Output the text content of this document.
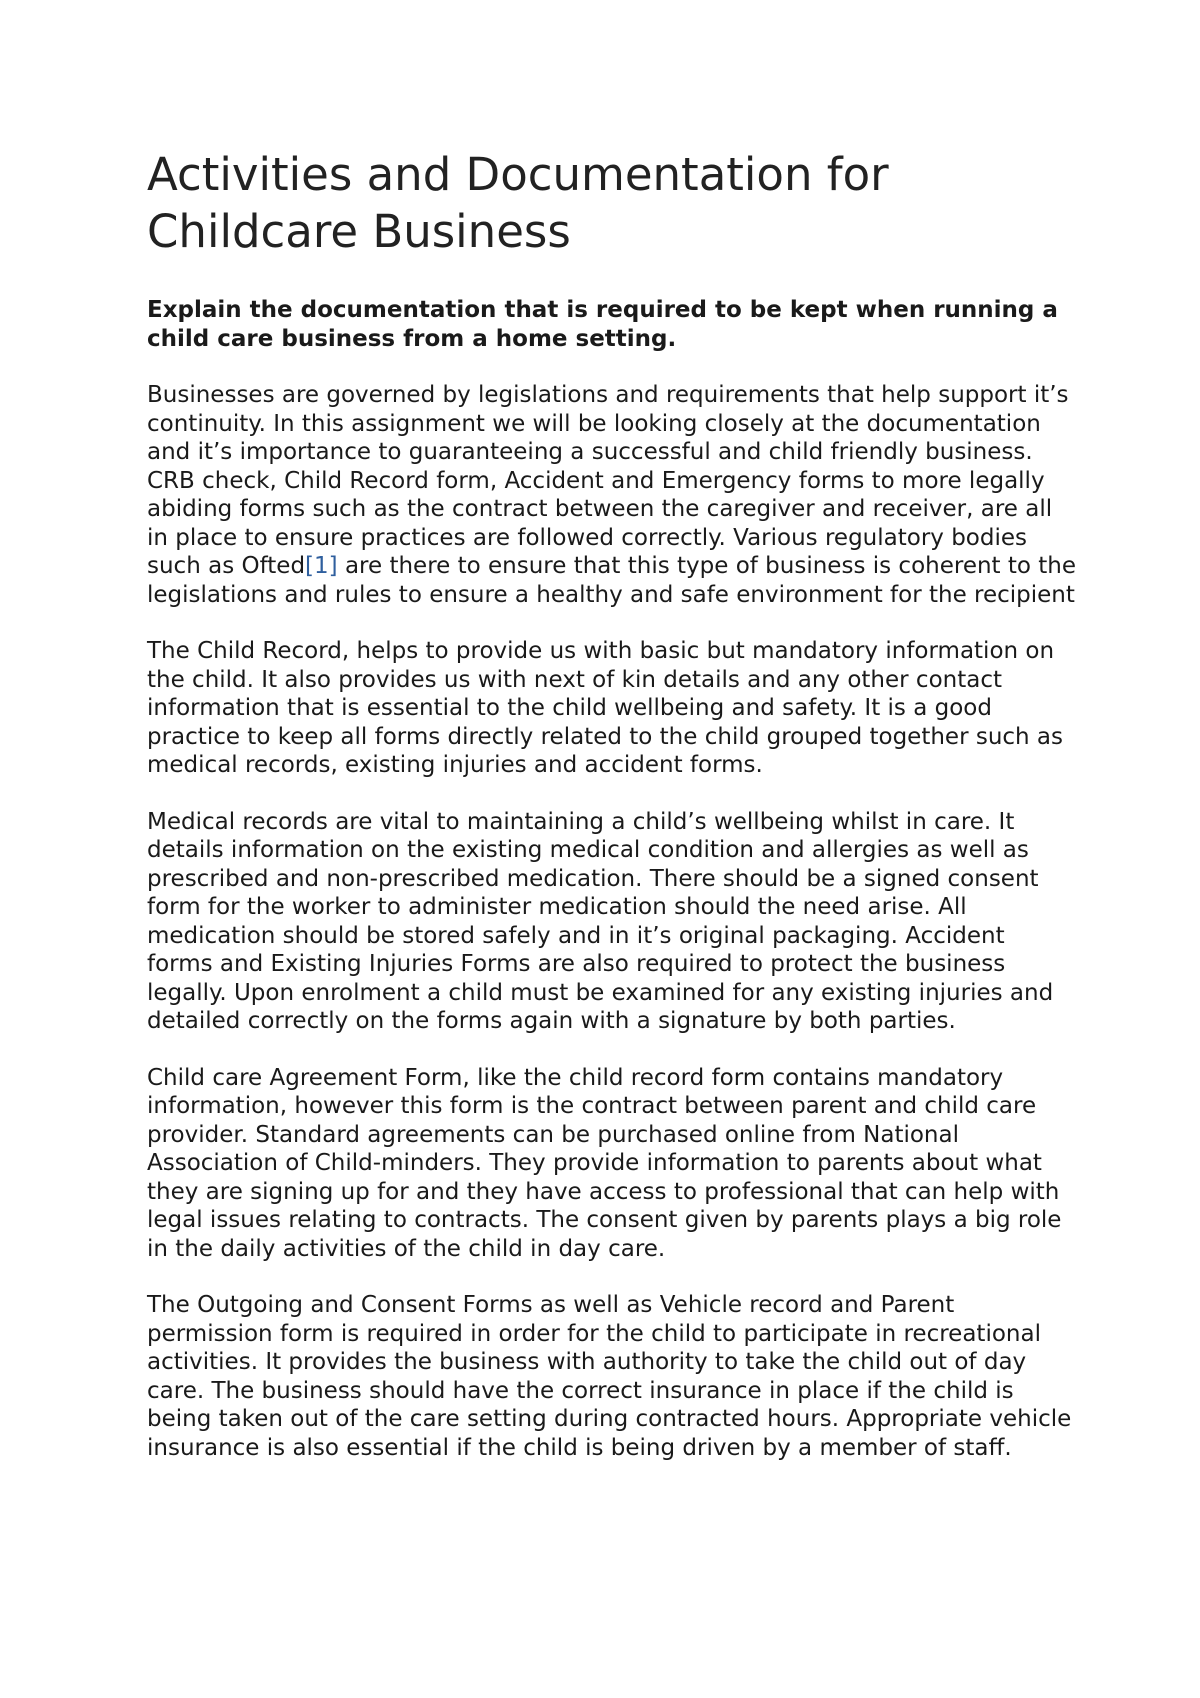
Activities and Documentation for Childcare Business

Explain the documentation that is required to be kept when running a child care business from a home setting.

Businesses are governed by legislations and requirements that help support it’s continuity. In this assignment we will be looking closely at the documentation and it’s importance to guaranteeing a successful and child friendly business. CRB check, Child Record form, Accident and Emergency forms to more legally abiding forms such as the contract between the caregiver and receiver, are all in place to ensure practices are followed correctly. Various regulatory bodies such as Ofted[1] are there to ensure that this type of business is coherent to the legislations and rules to ensure a healthy and safe environment for the recipient

The Child Record, helps to provide us with basic but mandatory information on the child. It also provides us with next of kin details and any other contact information that is essential to the child wellbeing and safety. It is a good practice to keep all forms directly related to the child grouped together such as medical records, existing injuries and accident forms.

Medical records are vital to maintaining a child’s wellbeing whilst in care. It details information on the existing medical condition and allergies as well as prescribed and non-prescribed medication. There should be a signed consent form for the worker to administer medication should the need arise. All medication should be stored safely and in it’s original packaging. Accident forms and Existing Injuries Forms are also required to protect the business legally. Upon enrolment a child must be examined for any existing injuries and detailed correctly on the forms again with a signature by both parties.

Child care Agreement Form, like the child record form contains mandatory information, however this form is the contract between parent and child care provider. Standard agreements can be purchased online from National Association of Child-minders. They provide information to parents about what they are signing up for and they have access to professional that can help with legal issues relating to contracts. The consent given by parents plays a big role in the daily activities of the child in day care.

The Outgoing and Consent Forms as well as Vehicle record and Parent permission form is required in order for the child to participate in recreational activities. It provides the business with authority to take the child out of day care. The business should have the correct insurance in place if the child is being taken out of the care setting during contracted hours. Appropriate vehicle insurance is also essential if the child is being driven by a member of staff.
